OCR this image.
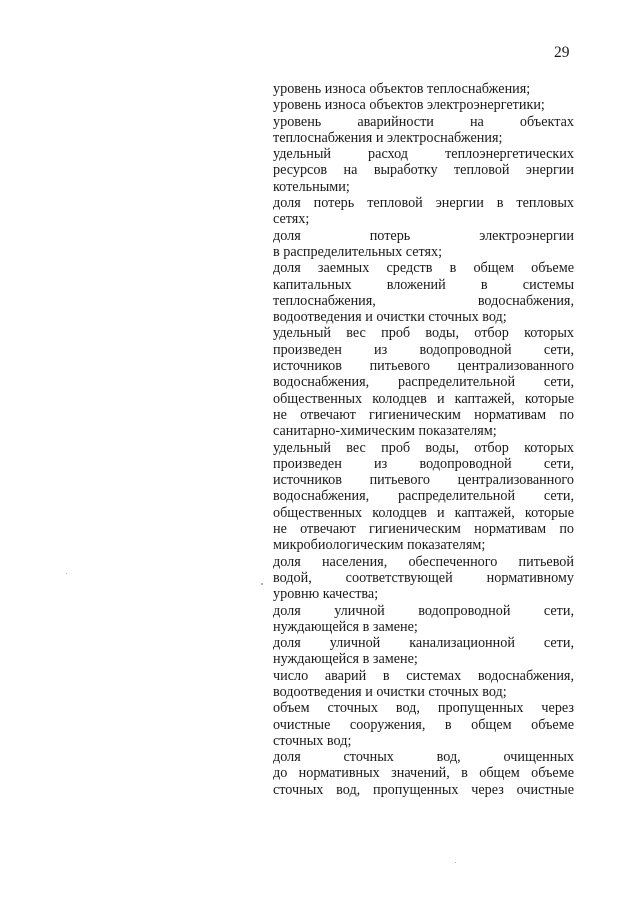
29
уровень износа объектов теплоснабжения;
уровень износа объектов электроэнергетики;
уровень аварийности на объектах
теплоснабжения и электроснабжения;
удельный расход теплоэнергетических
ресурсов на выработку тепловой энергии
котельными;
доля потерь тепловой энергии в тепловых
сетях;
доля потерь электроэнергии
в распределительных сетях;
доля заемных средств в общем объеме
капитальных вложений в системы
теплоснабжения, водоснабжения,
водоотведения и очистки сточных вод;
удельный вес проб воды, отбор которых
произведен из водопроводной сети,
источников питьевого централизованного
водоснабжения, распределительной сети,
общественных колодцев и каптажей, которые
не отвечают гигиеническим нормативам по
санитарно-химическим показателям;
удельный вес проб воды, отбор которых
произведен из водопроводной сети,
источников питьевого централизованного
водоснабжения, распределительной сети,
общественных колодцев и каптажей, которые
не отвечают гигиеническим нормативам по
микробиологическим показателям;
доля населения, обеспеченного питьевой
водой, соответствующей нормативному
уровню качества;
доля уличной водопроводной сети,
нуждающейся в замене;
доля уличной канализационной сети,
нуждающейся в замене;
число аварий в системах водоснабжения,
водоотведения и очистки сточных вод;
объем сточных вод, пропущенных через
очистные сооружения, в общем объеме
сточных вод;
доля сточных вод, очищенных
до нормативных значений, в общем объеме
сточных вод, пропущенных через очистные
